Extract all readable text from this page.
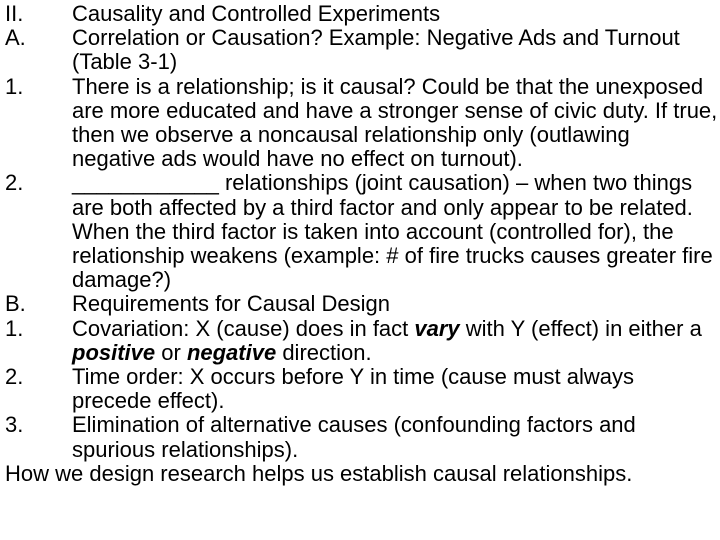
II. Causality and Controlled Experiments
A. Correlation or Causation? Example: Negative Ads and Turnout (Table 3-1)
1. There is a relationship; is it causal? Could be that the unexposed are more educated and have a stronger sense of civic duty. If true, then we observe a noncausal relationship only (outlawing negative ads would have no effect on turnout).
2. ____________ relationships (joint causation) – when two things are both affected by a third factor and only appear to be related. When the third factor is taken into account (controlled for), the relationship weakens (example: # of fire trucks causes greater fire damage?)
B. Requirements for Causal Design
1. Covariation: X (cause) does in fact vary with Y (effect) in either a positive or negative direction.
2. Time order: X occurs before Y in time (cause must always precede effect).
3. Elimination of alternative causes (confounding factors and spurious relationships).
How we design research helps us establish causal relationships.
